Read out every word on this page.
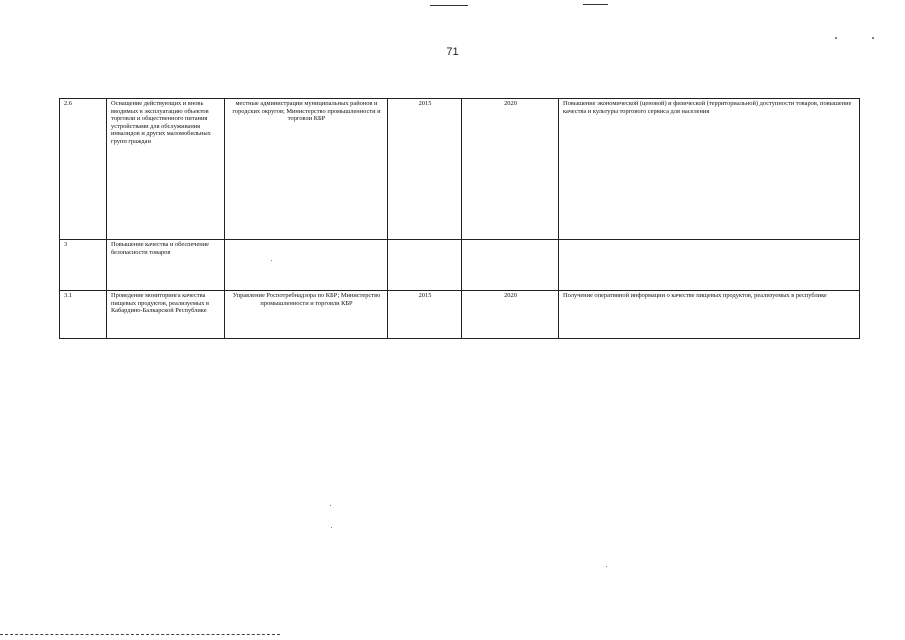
71
2.6	Оснащение действующих и вновь вводимых в эксплуатацию объектов торговли и общественного питания устройствами для обслуживания инвалидов и других маломобильных групп граждан	местные администрации муниципальных районов и городских округов; Министерство промышленности и торговли КБР	2015	2020	Повышение экономической (ценовой) и физической (территориальной) доступности товаров, повышение качества и культуры торгового сервиса для населения
3	Повышение качества и обеспечение безопасности товаров				
3.1	Проведение мониторинга качества пищевых продуктов, реализуемых в Кабардино-Балкарской Республике	Управление Роспотребнадзора по КБР; Министерство промышленности и торговли КБР	2015	2020	Получение оперативной информации о качестве пищевых продуктов, реализуемых в республике
